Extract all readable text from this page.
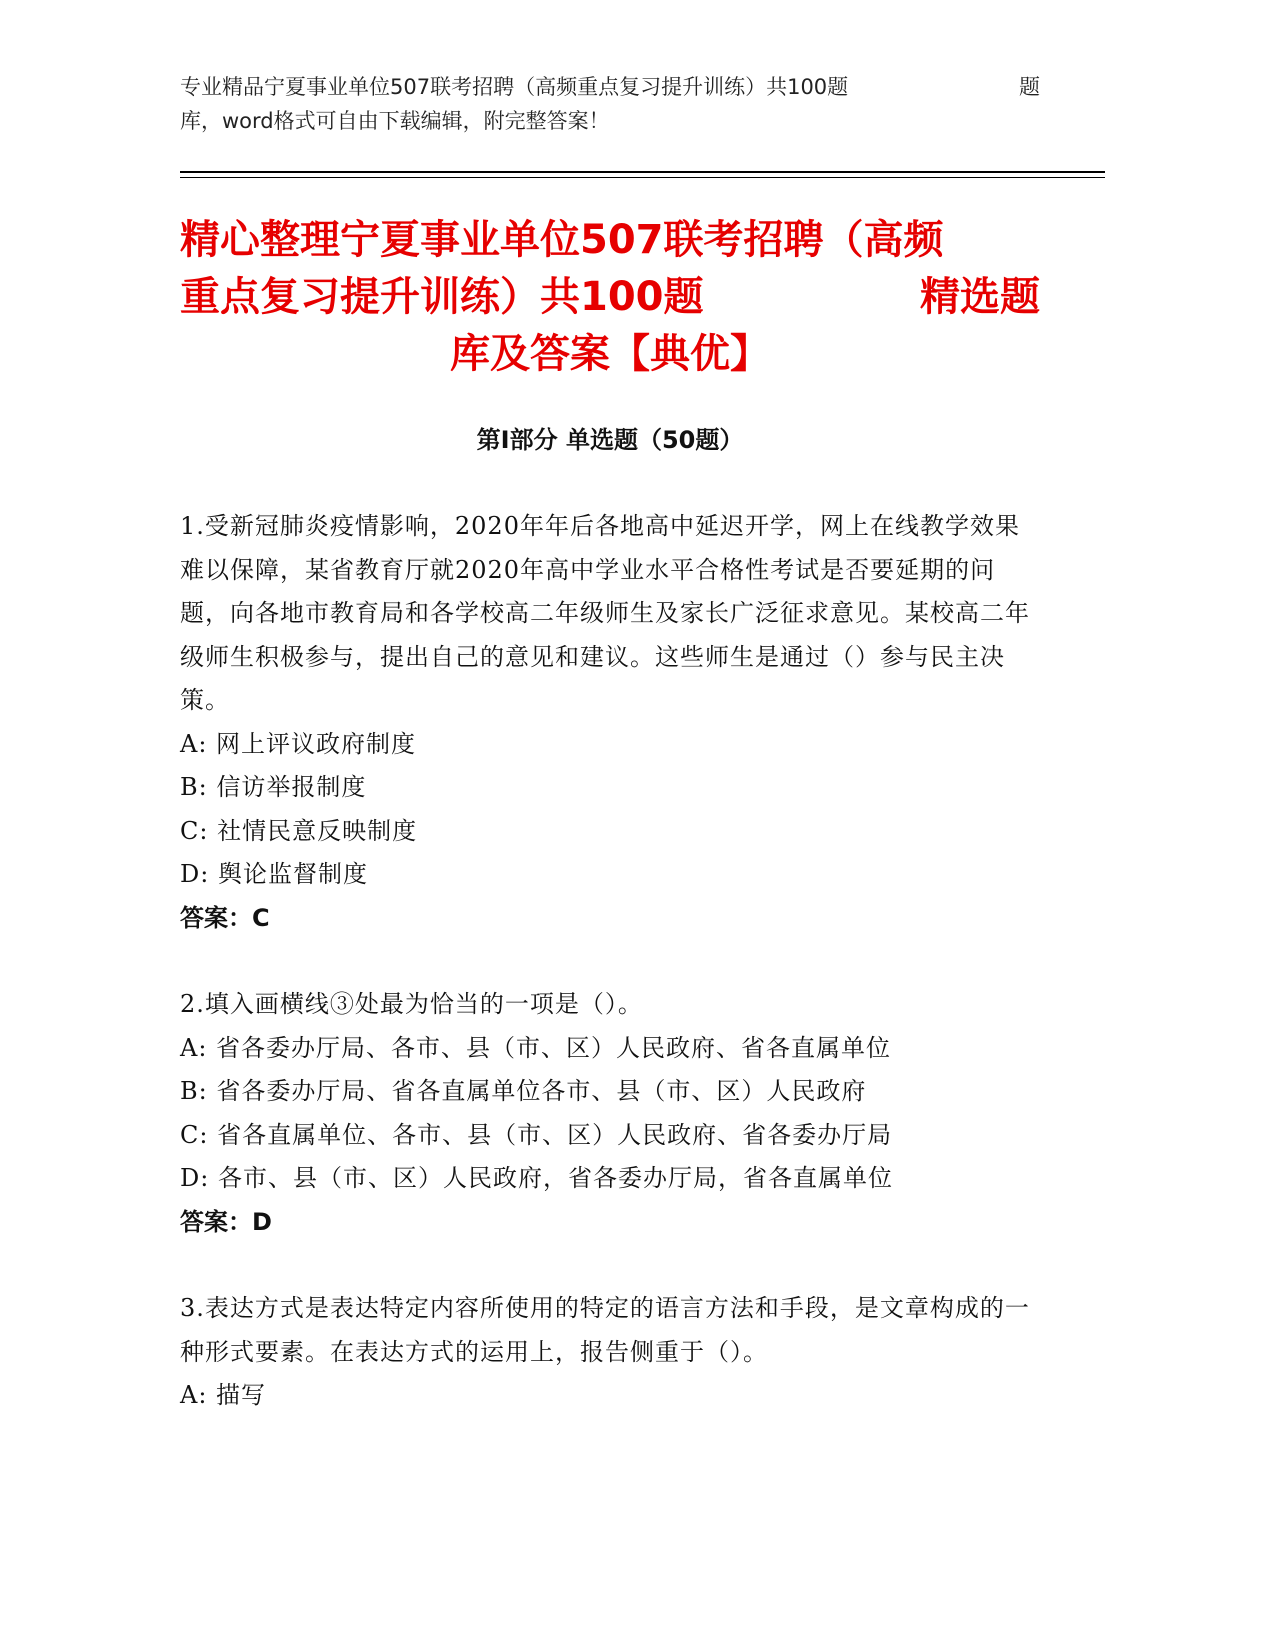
专业精品宁夏事业单位507联考招聘（高频重点复习提升训练）共100题	题
库，word格式可自由下载编辑，附完整答案！
精心整理宁夏事业单位507联考招聘（高频
重点复习提升训练）共100题	精选题
库及答案【典优】
第Ⅰ部分 单选题（50题）

1.受新冠肺炎疫情影响，2020年年后各地高中延迟开学，网上在线教学效果难以保障，某省教育厅就2020年高中学业水平合格性考试是否要延期的问题，向各地市教育局和各学校高二年级师生及家长广泛征求意见。某校高二年级师生积极参与，提出自己的意见和建议。这些师生是通过（）参与民主决策。

A: 网上评议政府制度

B: 信访举报制度

C: 社情民意反映制度

D: 舆论监督制度

答案：C

2.填入画横线③处最为恰当的一项是（）。

A: 省各委办厅局、各市、县（市、区）人民政府、省各直属单位

B: 省各委办厅局、省各直属单位各市、县（市、区）人民政府

C: 省各直属单位、各市、县（市、区）人民政府、省各委办厅局

D: 各市、县（市、区）人民政府，省各委办厅局，省各直属单位

答案：D

3.表达方式是表达特定内容所使用的特定的语言方法和手段，是文章构成的一种形式要素。在表达方式的运用上，报告侧重于（）。

A: 描写
